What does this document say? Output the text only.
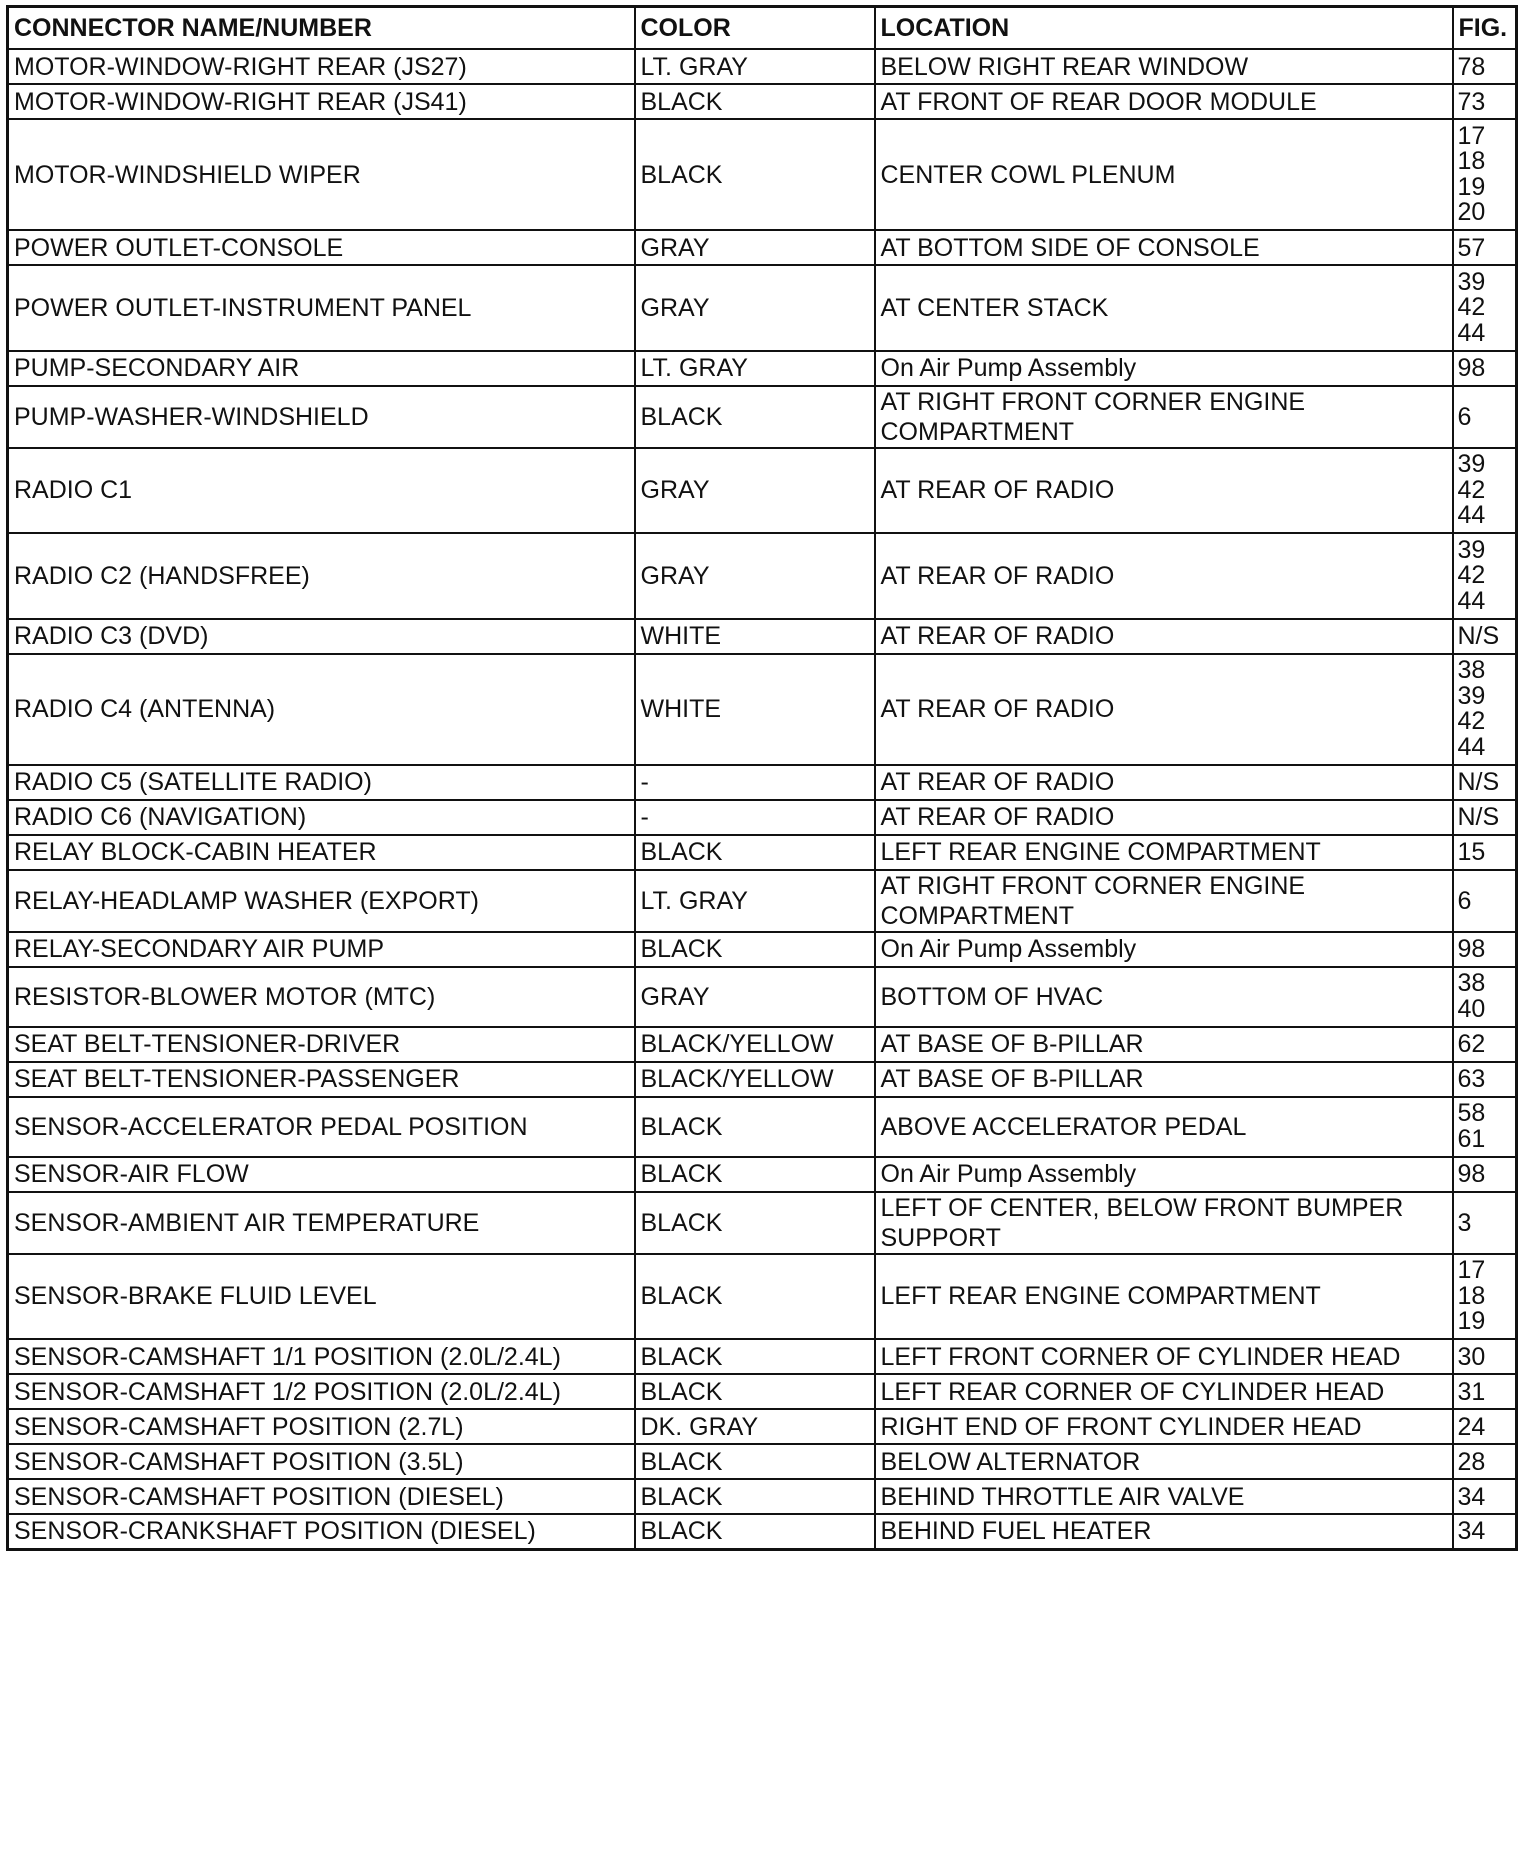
CONNECTOR NAME/NUMBER	COLOR	LOCATION	FIG.
MOTOR-WINDOW-RIGHT REAR (JS27)	LT. GRAY	BELOW RIGHT REAR WINDOW	78

MOTOR-WINDOW-RIGHT REAR (JS41)	BLACK	AT FRONT OF REAR DOOR MODULE	73

MOTOR-WINDSHIELD WIPER	BLACK	CENTER COWL PLENUM	17
18
19
20

POWER OUTLET-CONSOLE	GRAY	AT BOTTOM SIDE OF CONSOLE	57

POWER OUTLET-INSTRUMENT PANEL	GRAY	AT CENTER STACK	39
42
44

PUMP-SECONDARY AIR	LT. GRAY	On Air Pump Assembly	98

PUMP-WASHER-WINDSHIELD	BLACK	AT RIGHT FRONT CORNER ENGINE COMPARTMENT	6

RADIO C1	GRAY	AT REAR OF RADIO	39
42
44

RADIO C2 (HANDSFREE)	GRAY	AT REAR OF RADIO	39
42
44

RADIO C3 (DVD)	WHITE	AT REAR OF RADIO	N/S

RADIO C4 (ANTENNA)	WHITE	AT REAR OF RADIO	38
39
42
44

RADIO C5 (SATELLITE RADIO)	-	AT REAR OF RADIO	N/S

RADIO C6 (NAVIGATION)	-	AT REAR OF RADIO	N/S

RELAY BLOCK-CABIN HEATER	BLACK	LEFT REAR ENGINE COMPARTMENT	15

RELAY-HEADLAMP WASHER (EXPORT)	LT. GRAY	AT RIGHT FRONT CORNER ENGINE COMPARTMENT	6

RELAY-SECONDARY AIR PUMP	BLACK	On Air Pump Assembly	98

RESISTOR-BLOWER MOTOR (MTC)	GRAY	BOTTOM OF HVAC	38
40

SEAT BELT-TENSIONER-DRIVER	BLACK/YELLOW	AT BASE OF B-PILLAR	62

SEAT BELT-TENSIONER-PASSENGER	BLACK/YELLOW	AT BASE OF B-PILLAR	63

SENSOR-ACCELERATOR PEDAL POSITION	BLACK	ABOVE ACCELERATOR PEDAL	58
61

SENSOR-AIR FLOW	BLACK	On Air Pump Assembly	98

SENSOR-AMBIENT AIR TEMPERATURE	BLACK	LEFT OF CENTER, BELOW FRONT BUMPER SUPPORT	3

SENSOR-BRAKE FLUID LEVEL	BLACK	LEFT REAR ENGINE COMPARTMENT	17
18
19

SENSOR-CAMSHAFT 1/1 POSITION (2.0L/2.4L)	BLACK	LEFT FRONT CORNER OF CYLINDER HEAD	30

SENSOR-CAMSHAFT 1/2 POSITION (2.0L/2.4L)	BLACK	LEFT REAR CORNER OF CYLINDER HEAD	31

SENSOR-CAMSHAFT POSITION (2.7L)	DK. GRAY	RIGHT END OF FRONT CYLINDER HEAD	24

SENSOR-CAMSHAFT POSITION (3.5L)	BLACK	BELOW ALTERNATOR	28

SENSOR-CAMSHAFT POSITION (DIESEL)	BLACK	BEHIND THROTTLE AIR VALVE	34

SENSOR-CRANKSHAFT POSITION (DIESEL)	BLACK	BEHIND FUEL HEATER	34
